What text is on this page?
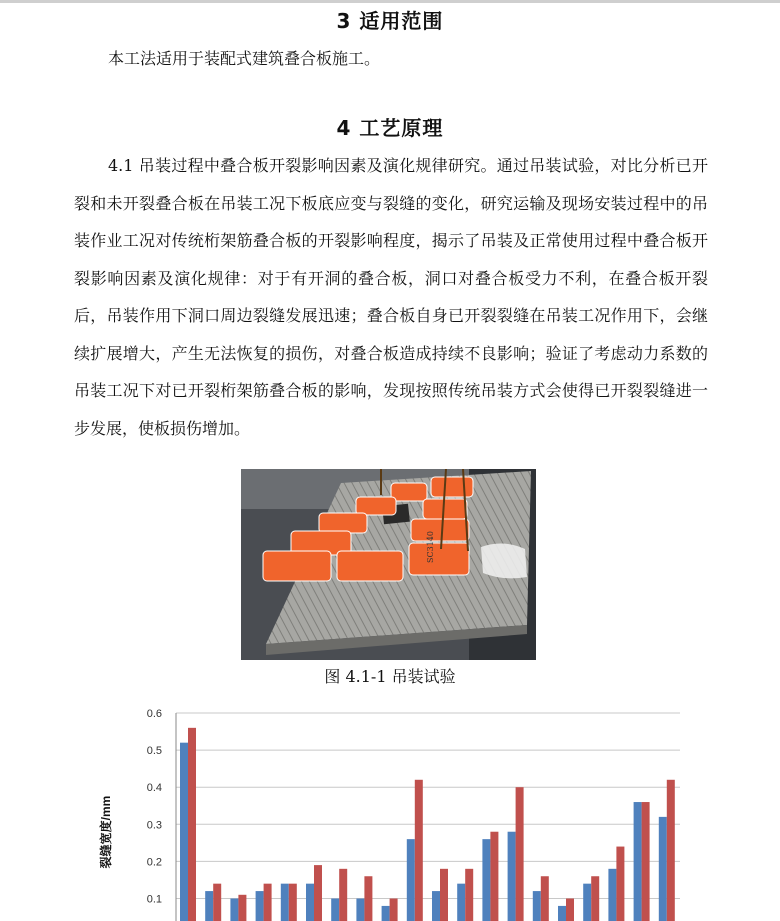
3 适用范围
本工法适用于装配式建筑叠合板施工。
4 工艺原理
4.1 吊装过程中叠合板开裂影响因素及演化规律研究。通过吊装试验，对比分析已开裂和未开裂叠合板在吊装工况下板底应变与裂缝的变化，研究运输及现场安装过程中的吊装作业工况对传统桁架筋叠合板的开裂影响程度，揭示了吊装及正常使用过程中叠合板开裂影响因素及演化规律：对于有开洞的叠合板，洞口对叠合板受力不利，在叠合板开裂后，吊装作用下洞口周边裂缝发展迅速；叠合板自身已开裂裂缝在吊装工况作用下，会继续扩展增大，产生无法恢复的损伤，对叠合板造成持续不良影响；验证了考虑动力系数的吊装工况下对已开裂桁架筋叠合板的影响，发现按照传统吊装方式会使得已开裂裂缝进一步发展，使板损伤增加。
SC3140
图 4.1-1 吊装试验
0.1
0.2
0.3
0.4
0.5
0.6
裂缝宽度/mm
